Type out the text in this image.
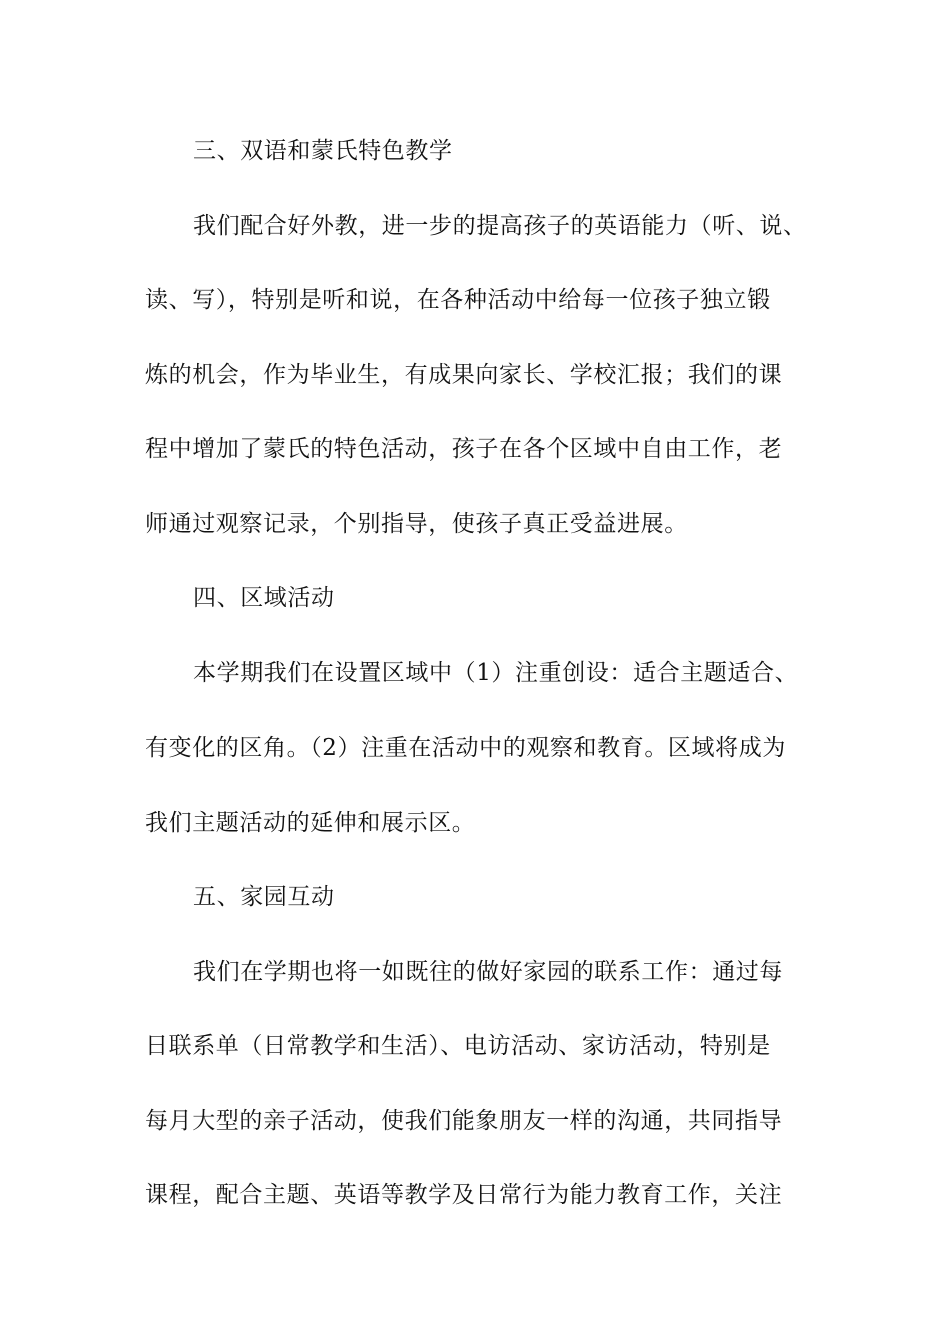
三、双语和蒙氏特色教学

我们配合好外教，进一步的提高孩子的英语能力（听、说、

读、写），特别是听和说，在各种活动中给每一位孩子独立锻

炼的机会，作为毕业生，有成果向家长、学校汇报；我们的课

程中增加了蒙氏的特色活动，孩子在各个区域中自由工作，老

师通过观察记录，个别指导，使孩子真正受益进展。

四、区域活动

本学期我们在设置区域中（1）注重创设：适合主题适合、

有变化的区角。（2）注重在活动中的观察和教育。区域将成为

我们主题活动的延伸和展示区。

五、家园互动

我们在学期也将一如既往的做好家园的联系工作：通过每

日联系单（日常教学和生活）、电访活动、家访活动，特别是

每月大型的亲子活动，使我们能象朋友一样的沟通，共同指导

课程，配合主题、英语等教学及日常行为能力教育工作，关注
